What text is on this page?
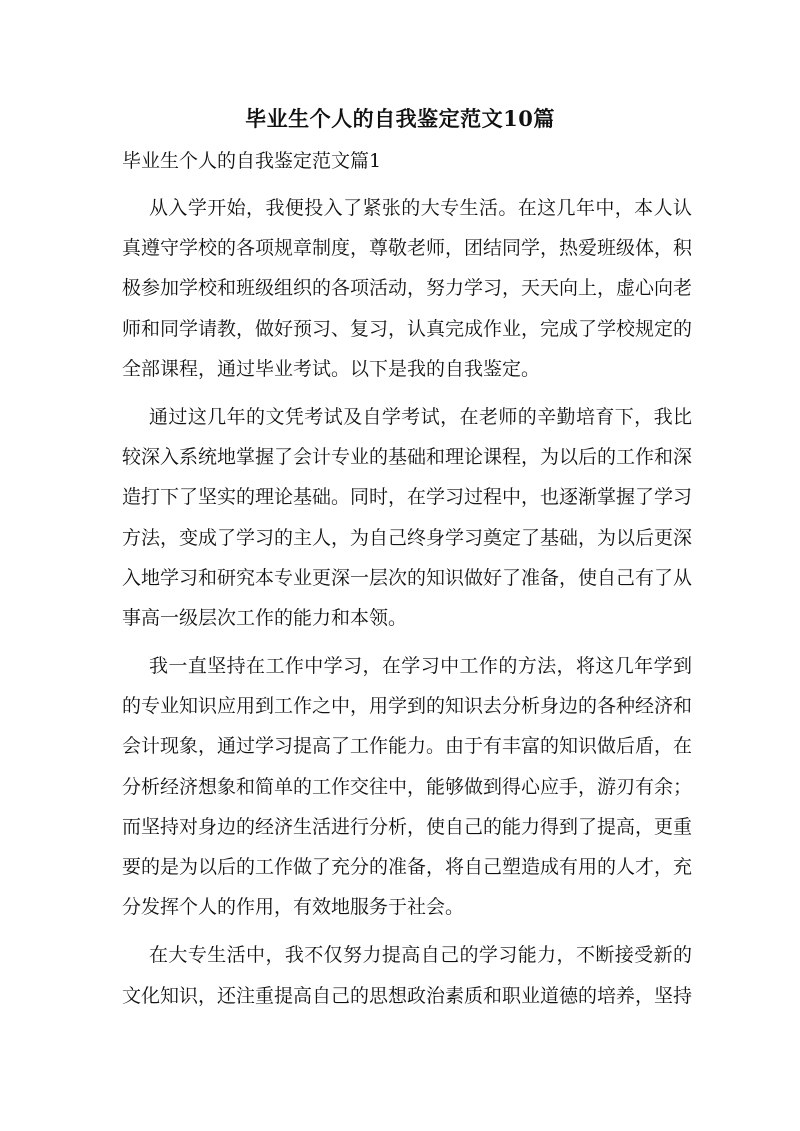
毕业生个人的自我鉴定范文10篇
毕业生个人的自我鉴定范文篇1
从入学开始，我便投入了紧张的大专生活。在这几年中，本人认
真遵守学校的各项规章制度，尊敬老师，团结同学，热爱班级体，积
极参加学校和班级组织的各项活动，努力学习，天天向上，虚心向老
师和同学请教，做好预习、复习，认真完成作业，完成了学校规定的
全部课程，通过毕业考试。以下是我的自我鉴定。
通过这几年的文凭考试及自学考试，在老师的辛勤培育下，我比
较深入系统地掌握了会计专业的基础和理论课程，为以后的工作和深
造打下了坚实的理论基础。同时，在学习过程中，也逐渐掌握了学习
方法，变成了学习的主人，为自己终身学习奠定了基础，为以后更深
入地学习和研究本专业更深一层次的知识做好了准备，使自己有了从
事高一级层次工作的能力和本领。
我一直坚持在工作中学习，在学习中工作的方法，将这几年学到
的专业知识应用到工作之中，用学到的知识去分析身边的各种经济和
会计现象，通过学习提高了工作能力。由于有丰富的知识做后盾，在
分析经济想象和简单的工作交往中，能够做到得心应手，游刃有余；
而坚持对身边的经济生活进行分析，使自己的能力得到了提高，更重
要的是为以后的工作做了充分的准备，将自己塑造成有用的人才，充
分发挥个人的作用，有效地服务于社会。
在大专生活中，我不仅努力提高自己的学习能力，不断接受新的
文化知识，还注重提高自己的思想政治素质和职业道德的培养，坚持
